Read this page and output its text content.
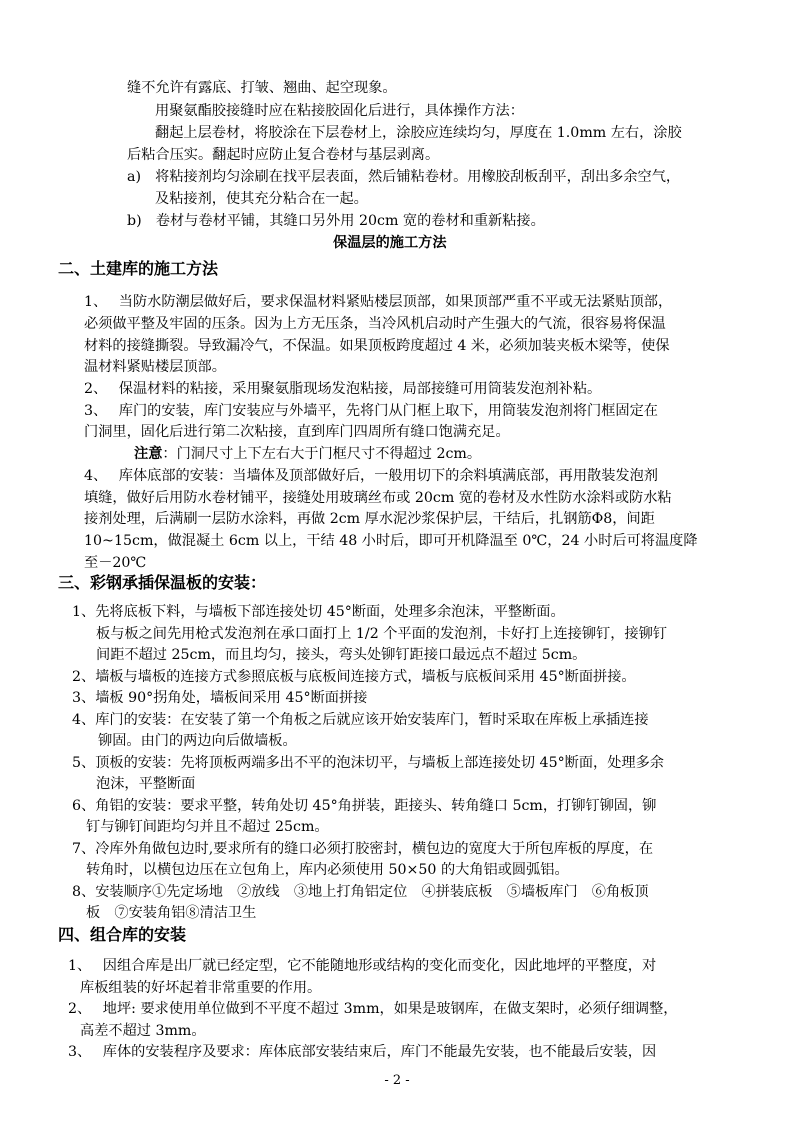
缝不允许有露底、打皱、翘曲、起空现象。
用聚氨酯胶接缝时应在粘接胶固化后进行，具体操作方法：
翻起上层卷材，将胶涂在下层卷材上，涂胶应连续均匀，厚度在 1.0mm 左右，涂胶
后粘合压实。翻起时应防止复合卷材与基层剥离。
a)　将粘接剂均匀涂刷在找平层表面，然后铺粘卷材。用橡胶刮板刮平，刮出多余空气，
及粘接剂，使其充分粘合在一起。
b)　卷材与卷材平铺，其缝口另外用 20cm 宽的卷材和重新粘接。
保温层的施工方法
二、土建库的施工方法
1、　 当防水防潮层做好后，要求保温材料紧贴楼层顶部，如果顶部严重不平或无法紧贴顶部，
必须做平整及牢固的压条。因为上方无压条，当冷风机启动时产生强大的气流，很容易将保温
材料的接缝撕裂。导致漏冷气，不保温。如果顶板跨度超过 4 米，必须加装夹板木梁等，使保
温材料紧贴楼层顶部。
2、　 保温材料的粘接，采用聚氨脂现场发泡粘接，局部接缝可用筒装发泡剂补粘。
3、　 库门的安装，库门安装应与外墙平，先将门从门框上取下，用筒装发泡剂将门框固定在
门洞里，固化后进行第二次粘接，直到库门四周所有缝口饱满充足。
注意：门洞尺寸上下左右大于门框尺寸不得超过 2cm。
4、　 库体底部的安装：当墙体及顶部做好后，一般用切下的余料填满底部，再用散装发泡剂
填缝，做好后用防水卷材铺平，接缝处用玻璃丝布或 20cm 宽的卷材及水性防水涂料或防水粘
接剂处理，后满刷一层防水涂料，再做 2cm 厚水泥沙浆保护层，干结后，扎钢筋Φ8，间距
10~15cm，做混凝土 6cm 以上，干结 48 小时后，即可开机降温至 0℃，24 小时后可将温度降
至－20℃
三、彩钢承插保温板的安装：
1、先将底板下料，与墙板下部连接处切 45°断面，处理多余泡沫，平整断面。
板与板之间先用枪式发泡剂在承口面打上 1/2 个平面的发泡剂，卡好打上连接铆钉，接铆钉
间距不超过 25cm，而且均匀，接头，弯头处铆钉距接口最远点不超过 5cm。
2、墙板与墙板的连接方式参照底板与底板间连接方式，墙板与底板间采用 45°断面拼接。
3、墙板 90°拐角处，墙板间采用 45°断面拼接
4、库门的安装：在安装了第一个角板之后就应该开始安装库门，暂时采取在库板上承插连接
铆固。由门的两边向后做墙板。
5、顶板的安装：先将顶板两端多出不平的泡沫切平，与墙板上部连接处切 45°断面，处理多余
泡沫，平整断面
6、角铝的安装：要求平整，转角处切 45°角拼装，距接头、转角缝口 5cm，打铆钉铆固，铆
钉与铆钉间距均匀并且不超过 25cm。
7、冷库外角做包边时,要求所有的缝口必须打胶密封，横包边的宽度大于所包库板的厚度，在
转角时，以横包边压在立包角上，库内必须使用 50×50 的大角铝或圆弧铝。
8、安装顺序①先定场地　②放线　③地上打角铝定位　④拼装底板　⑤墙板库门　⑥角板顶
板　⑦安装角铝⑧清洁卫生
四、组合库的安装
1、　 因组合库是出厂就已经定型，它不能随地形或结构的变化而变化，因此地坪的平整度，对
库板组装的好坏起着非常重要的作用。
2、　 地坪: 要求使用单位做到不平度不超过 3mm，如果是玻钢库，在做支架时，必须仔细调整，
高差不超过 3mm。
3、　 库体的安装程序及要求：库体底部安装结束后，库门不能最先安装，也不能最后安装，因
- 2 -
